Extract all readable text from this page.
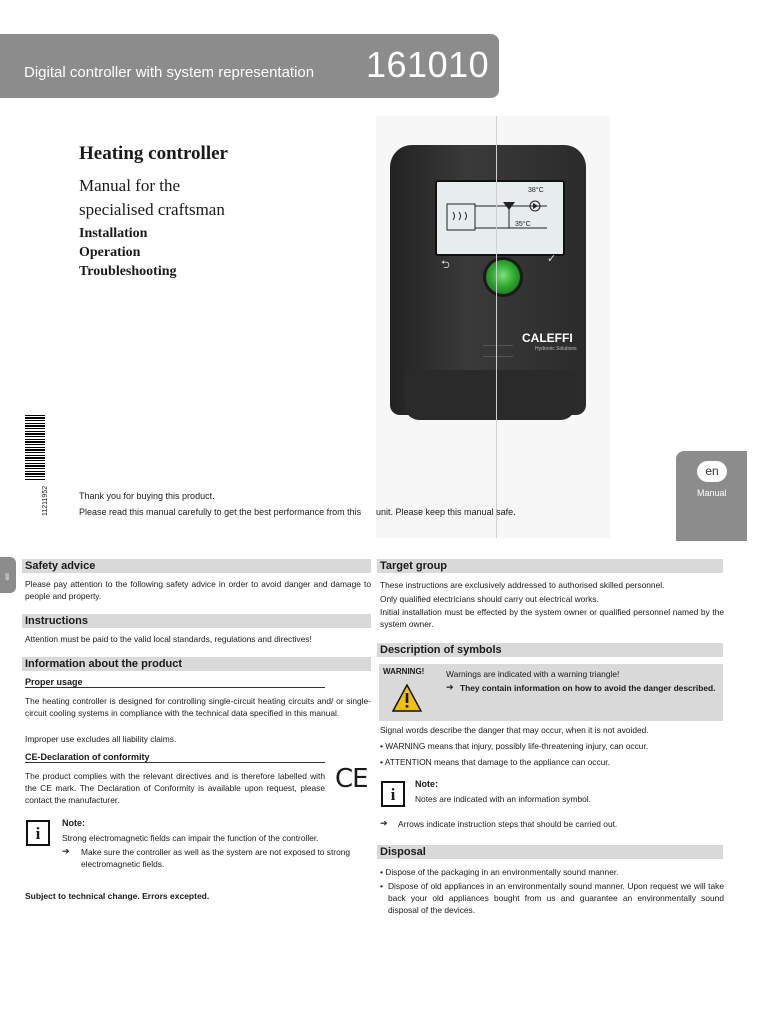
Digital controller with system representation 161010
Heating controller
Manual for the
specialised craftsman
Installation
Operation
Troubleshooting
38°C
35°C
⮌	✓
CALEFFI
Hydronic Solutions
11211952	Thank you for buying this product.
Please read this manual carefully to get the best performance from this unit. Please keep this manual safe.
en
Manual
en
Safety advice
Please pay attention to the following safety advice in order to avoid danger and damage to people and property.
Instructions
Attention must be paid to the valid local standards, regulations and directives!
Information about the product
Proper usage
The heating controller is designed for controlling single-circuit heating circuits and/ or single-circuit cooling systems in compliance with the technical data specified in this manual.
Improper use excludes all liability claims.
CE-Declaration of conformity
The product complies with the relevant directives and is therefore labelled with the CE mark. The Declaration of Conformity is available upon request, please contact the manufacturer.
CE
i
Note:
Strong electromagnetic fields can impair the function of the controller.
➔ Make sure the controller as well as the system are not exposed to strong electromagnetic fields.
Subject to technical change. Errors excepted.
Target group
These instructions are exclusively addressed to authorised skilled personnel.
Only qualified electricians should carry out electrical works.
Initial installation must be effected by the system owner or qualified personnel named by the system owner.
Description of symbols
WARNING!	Warnings are indicated with a warning triangle!
➔ They contain information on how to avoid the danger described.
Signal words describe the danger that may occur, when it is not avoided.
• WARNING means that injury, possibly life-threatening injury, can occur.
• ATTENTION means that damage to the appliance can occur.
i
Note:
Notes are indicated with an information symbol.
➔ Arrows indicate instruction steps that should be carried out.
Disposal
• Dispose of the packaging in an environmentally sound manner.
• Dispose of old appliances in an environmentally sound manner. Upon request we will take back your old appliances bought from us and guarantee an environmentally sound disposal of the devices.
